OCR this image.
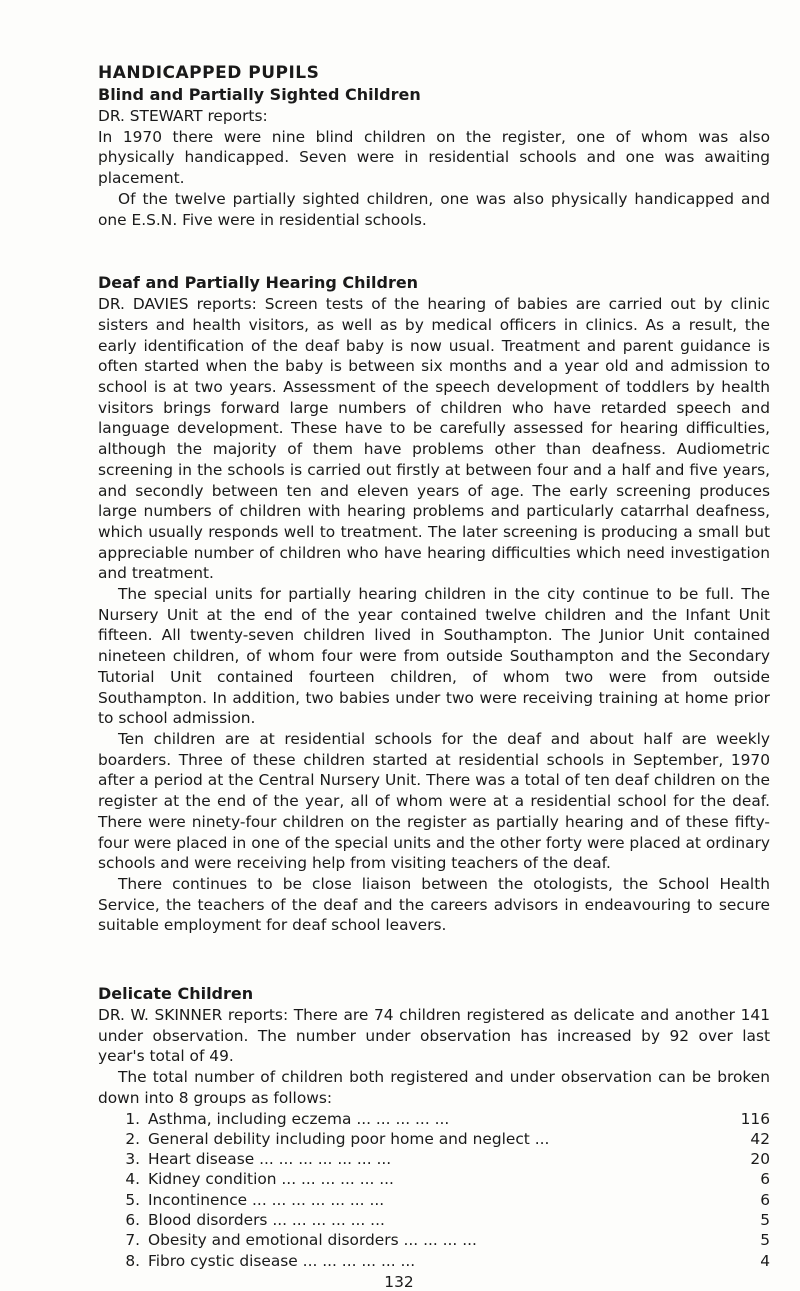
HANDICAPPED PUPILS
Blind and Partially Sighted Children

DR. STEWART reports:

In 1970 there were nine blind children on the register, one of whom was also physically handicapped. Seven were in residential schools and one was awaiting placement.

Of the twelve partially sighted children, one was also physically handicapped and one E.S.N. Five were in residential schools.

Deaf and Partially Hearing Children

DR. DAVIES reports: Screen tests of the hearing of babies are carried out by clinic sisters and health visitors, as well as by medical officers in clinics. As a result, the early identification of the deaf baby is now usual. Treatment and parent guidance is often started when the baby is between six months and a year old and admission to school is at two years. Assessment of the speech development of toddlers by health visitors brings forward large numbers of children who have retarded speech and language development. These have to be carefully assessed for hearing difficulties, although the majority of them have problems other than deafness. Audiometric screening in the schools is carried out firstly at between four and a half and five years, and secondly between ten and eleven years of age. The early screening produces large numbers of children with hearing problems and particularly catarrhal deafness, which usually responds well to treatment. The later screening is producing a small but appreciable number of children who have hearing difficulties which need investigation and treatment.

The special units for partially hearing children in the city continue to be full. The Nursery Unit at the end of the year contained twelve children and the Infant Unit fifteen. All twenty-seven children lived in Southampton. The Junior Unit contained nineteen children, of whom four were from outside Southampton and the Secondary Tutorial Unit contained fourteen children, of whom two were from outside Southampton. In addition, two babies under two were receiving training at home prior to school admission.

Ten children are at residential schools for the deaf and about half are weekly boarders. Three of these children started at residential schools in September, 1970 after a period at the Central Nursery Unit. There was a total of ten deaf children on the register at the end of the year, all of whom were at a residential school for the deaf. There were ninety-four children on the register as partially hearing and of these fifty-four were placed in one of the special units and the other forty were placed at ordinary schools and were receiving help from visiting teachers of the deaf.

There continues to be close liaison between the otologists, the School Health Service, the teachers of the deaf and the careers advisors in endeavouring to secure suitable employment for deaf school leavers.

Delicate Children

DR. W. SKINNER reports: There are 74 children registered as delicate and another 141 under observation. The number under observation has increased by 92 over last year's total of 49.

The total number of children both registered and under observation can be broken down into 8 groups as follows:

1. Asthma, including eczema ... ... ... ... ...	116
2. General debility including poor home and neglect ...	42
3. Heart disease ... ... ... ... ... ... ...	20
4. Kidney condition ... ... ... ... ... ...	6
5. Incontinence ... ... ... ... ... ... ...	6
6. Blood disorders ... ... ... ... ... ...	5
7. Obesity and emotional disorders ... ... ... ...	5
8. Fibro cystic disease ... ... ... ... ... ...	4
132
